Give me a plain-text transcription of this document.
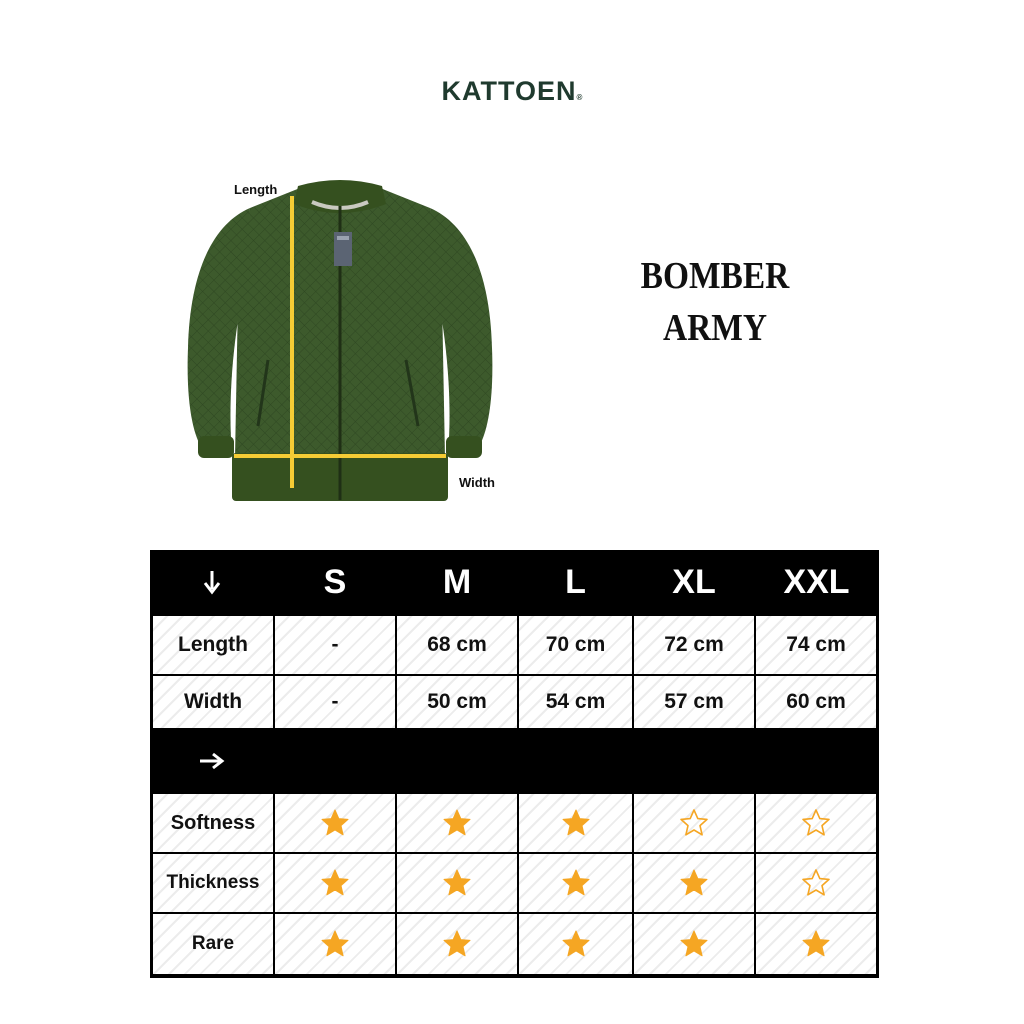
KATTOEN®
Length
Width
BOMBER
ARMY
S	M	L	XL	XXL
Length	-	68 cm	70 cm	72 cm	74 cm
Width	-	50 cm	54 cm	57 cm	60 cm
Softness
Thickness
Rare
